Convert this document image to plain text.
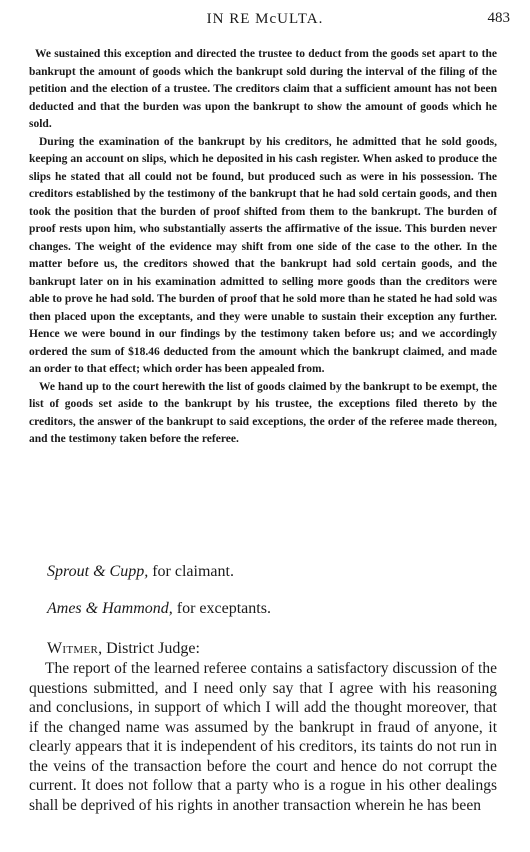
IN RE McULTA.	483

We sustained this exception and directed the trustee to deduct from the goods set apart to the bankrupt the amount of goods which the bankrupt sold during the interval of the filing of the petition and the election of a trustee. The creditors claim that a sufficient amount has not been deducted and that the burden was upon the bankrupt to show the amount of goods which he sold.

During the examination of the bankrupt by his creditors, he admitted that he sold goods, keeping an account on slips, which he deposited in his cash register. When asked to produce the slips he stated that all could not be found, but produced such as were in his possession. The creditors established by the testimony of the bankrupt that he had sold certain goods, and then took the position that the burden of proof shifted from them to the bankrupt. The burden of proof rests upon him, who substantially asserts the affirmative of the issue. This burden never changes. The weight of the evidence may shift from one side of the case to the other. In the matter before us, the creditors showed that the bankrupt had sold certain goods, and the bankrupt later on in his examination admitted to selling more goods than the creditors were able to prove he had sold. The burden of proof that he sold more than he stated he had sold was then placed upon the exceptants, and they were unable to sustain their exception any further. Hence we were bound in our findings by the testimony taken before us; and we accordingly ordered the sum of $18.46 deducted from the amount which the bankrupt claimed, and made an order to that effect; which order has been appealed from.

We hand up to the court herewith the list of goods claimed by the bankrupt to be exempt, the list of goods set aside to the bankrupt by his trustee, the exceptions filed thereto by the creditors, the answer of the bankrupt to said exceptions, the order of the referee made thereon, and the testimony taken before the referee.

Sprout & Cupp, for claimant.

Ames & Hammond, for exceptants.

Witmer, District Judge:

The report of the learned referee contains a satisfactory discussion of the questions submitted, and I need only say that I agree with his reasoning and conclusions, in support of which I will add the thought moreover, that if the changed name was assumed by the bankrupt in fraud of anyone, it clearly appears that it is independent of his creditors, its taints do not run in the veins of the transaction before the court and hence do not corrupt the current. It does not follow that a party who is a rogue in his other dealings shall be deprived of his rights in another transaction wherein he has been
